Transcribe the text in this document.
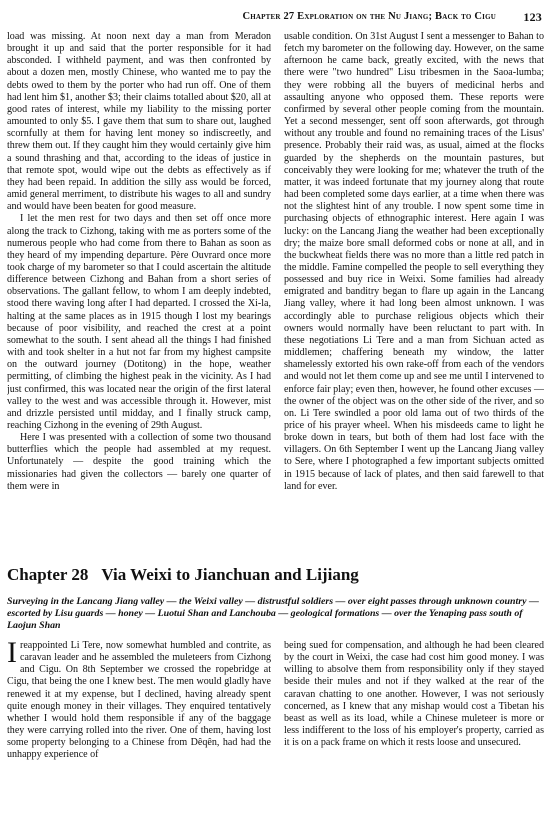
Chapter 27 Exploration on the Nu Jiang; Back to Cigu 123

load was missing. At noon next day a man from Meradon brought it up and said that the porter responsible for it had absconded. I withheld payment, and was then confronted by about a dozen men, mostly Chinese, who wanted me to pay the debts owed to them by the porter who had run off. One of them had lent him $1, another $3; their claims totalled about $20, all at good rates of interest, while my liability to the missing porter amounted to only $5. I gave them that sum to share out, laughed scornfully at them for having lent money so indiscreetly, and threw them out. If they caught him they would certainly give him a sound thrashing and that, according to the ideas of justice in that remote spot, would wipe out the debts as effectively as if they had been repaid. In addition the silly ass would be forced, amid general merriment, to distribute his wages to all and sundry and would have been beaten for good measure.

I let the men rest for two days and then set off once more along the track to Cizhong, taking with me as porters some of the numerous people who had come from there to Bahan as soon as they heard of my impending departure. Père Ouvrard once more took charge of my barometer so that I could ascertain the altitude difference between Cizhong and Bahan from a short series of observations. The gallant fellow, to whom I am deeply indebted, stood there waving long after I had departed. I crossed the Xi-la, halting at the same places as in 1915 though I lost my bearings because of poor visibility, and reached the crest at a point somewhat to the south. I sent ahead all the things I had finished with and took shelter in a hut not far from my highest campsite on the outward journey (Dotitong) in the hope, weather permitting, of climbing the highest peak in the vicinity. As I had just confirmed, this was located near the origin of the first lateral valley to the west and was accessible through it. However, mist and drizzle persisted until midday, and I finally struck camp, reaching Cizhong in the evening of 29th August.

Here I was presented with a collection of some two thousand butterflies which the people had assembled at my request. Unfortunately — despite the good training which the missionaries had given the collectors — barely one quarter of them were in

usable condition. On 31st August I sent a messenger to Bahan to fetch my barometer on the following day. However, on the same afternoon he came back, greatly excited, with the news that there were "two hundred" Lisu tribesmen in the Saoa-lumba; they were robbing all the buyers of medicinal herbs and assaulting anyone who opposed them. These reports were confirmed by several other people coming from the mountain. Yet a second messenger, sent off soon afterwards, got through without any trouble and found no remaining traces of the Lisus' presence. Probably their raid was, as usual, aimed at the flocks guarded by the shepherds on the mountain pastures, but conceivably they were looking for me; whatever the truth of the matter, it was indeed fortunate that my journey along that route had been completed some days earlier, at a time when there was not the slightest hint of any trouble. I now spent some time in purchasing objects of ethnographic interest. Here again I was lucky: on the Lancang Jiang the weather had been exceptionally dry; the maize bore small deformed cobs or none at all, and in the buckwheat fields there was no more than a little red patch in the middle. Famine compelled the people to sell everything they possessed and buy rice in Weixi. Some families had already emigrated and banditry began to flare up again in the Lancang Jiang valley, where it had long been almost unknown. I was accordingly able to purchase religious objects which their owners would normally have been reluctant to part with. In these negotiations Li Tere and a man from Sichuan acted as middlemen; chaffering beneath my window, the latter shamelessly extorted his own rake-off from each of the vendors and would not let them come up and see me until I intervened to enforce fair play; even then, however, he found other excuses — the owner of the object was on the other side of the river, and so on. Li Tere swindled a poor old lama out of two thirds of the price of his prayer wheel. When his misdeeds came to light he broke down in tears, but both of them had lost face with the villagers. On 6th September I went up the Lancang Jiang valley to Sere, where I photographed a few important subjects omitted in 1915 because of lack of plates, and then said farewell to that land for ever.

Chapter 28 Via Weixi to Jianchuan and Lijiang
Surveying in the Lancang Jiang valley — the Weixi valley — distrustful soldiers — over eight passes through unknown country — escorted by Lisu guards — honey — Luotui Shan and Lanchouba — geological formations — over the Yenaping pass south of Laojun Shan

I reappointed Li Tere, now somewhat humbled and contrite, as caravan leader and he assembled the muleteers from Cizhong and Cigu. On 8th September we crossed the ropebridge at Cigu, that being the one I knew best. The men would gladly have renewed it at my expense, but I declined, having already spent quite enough money in their villages. They enquired tentatively whether I would hold them responsible if any of the baggage they were carrying rolled into the river. One of them, having lost some property belonging to a Chinese from Dêqên, had had the unhappy experience of

being sued for compensation, and although he had been cleared by the court in Weixi, the case had cost him good money. I was willing to absolve them from responsibility only if they stayed beside their mules and not if they walked at the rear of the caravan chatting to one another. However, I was not seriously concerned, as I knew that any mishap would cost a Tibetan his beast as well as its load, while a Chinese muleteer is more or less indifferent to the loss of his employer's property, carried as it is on a pack frame on which it rests loose and unsecured.
